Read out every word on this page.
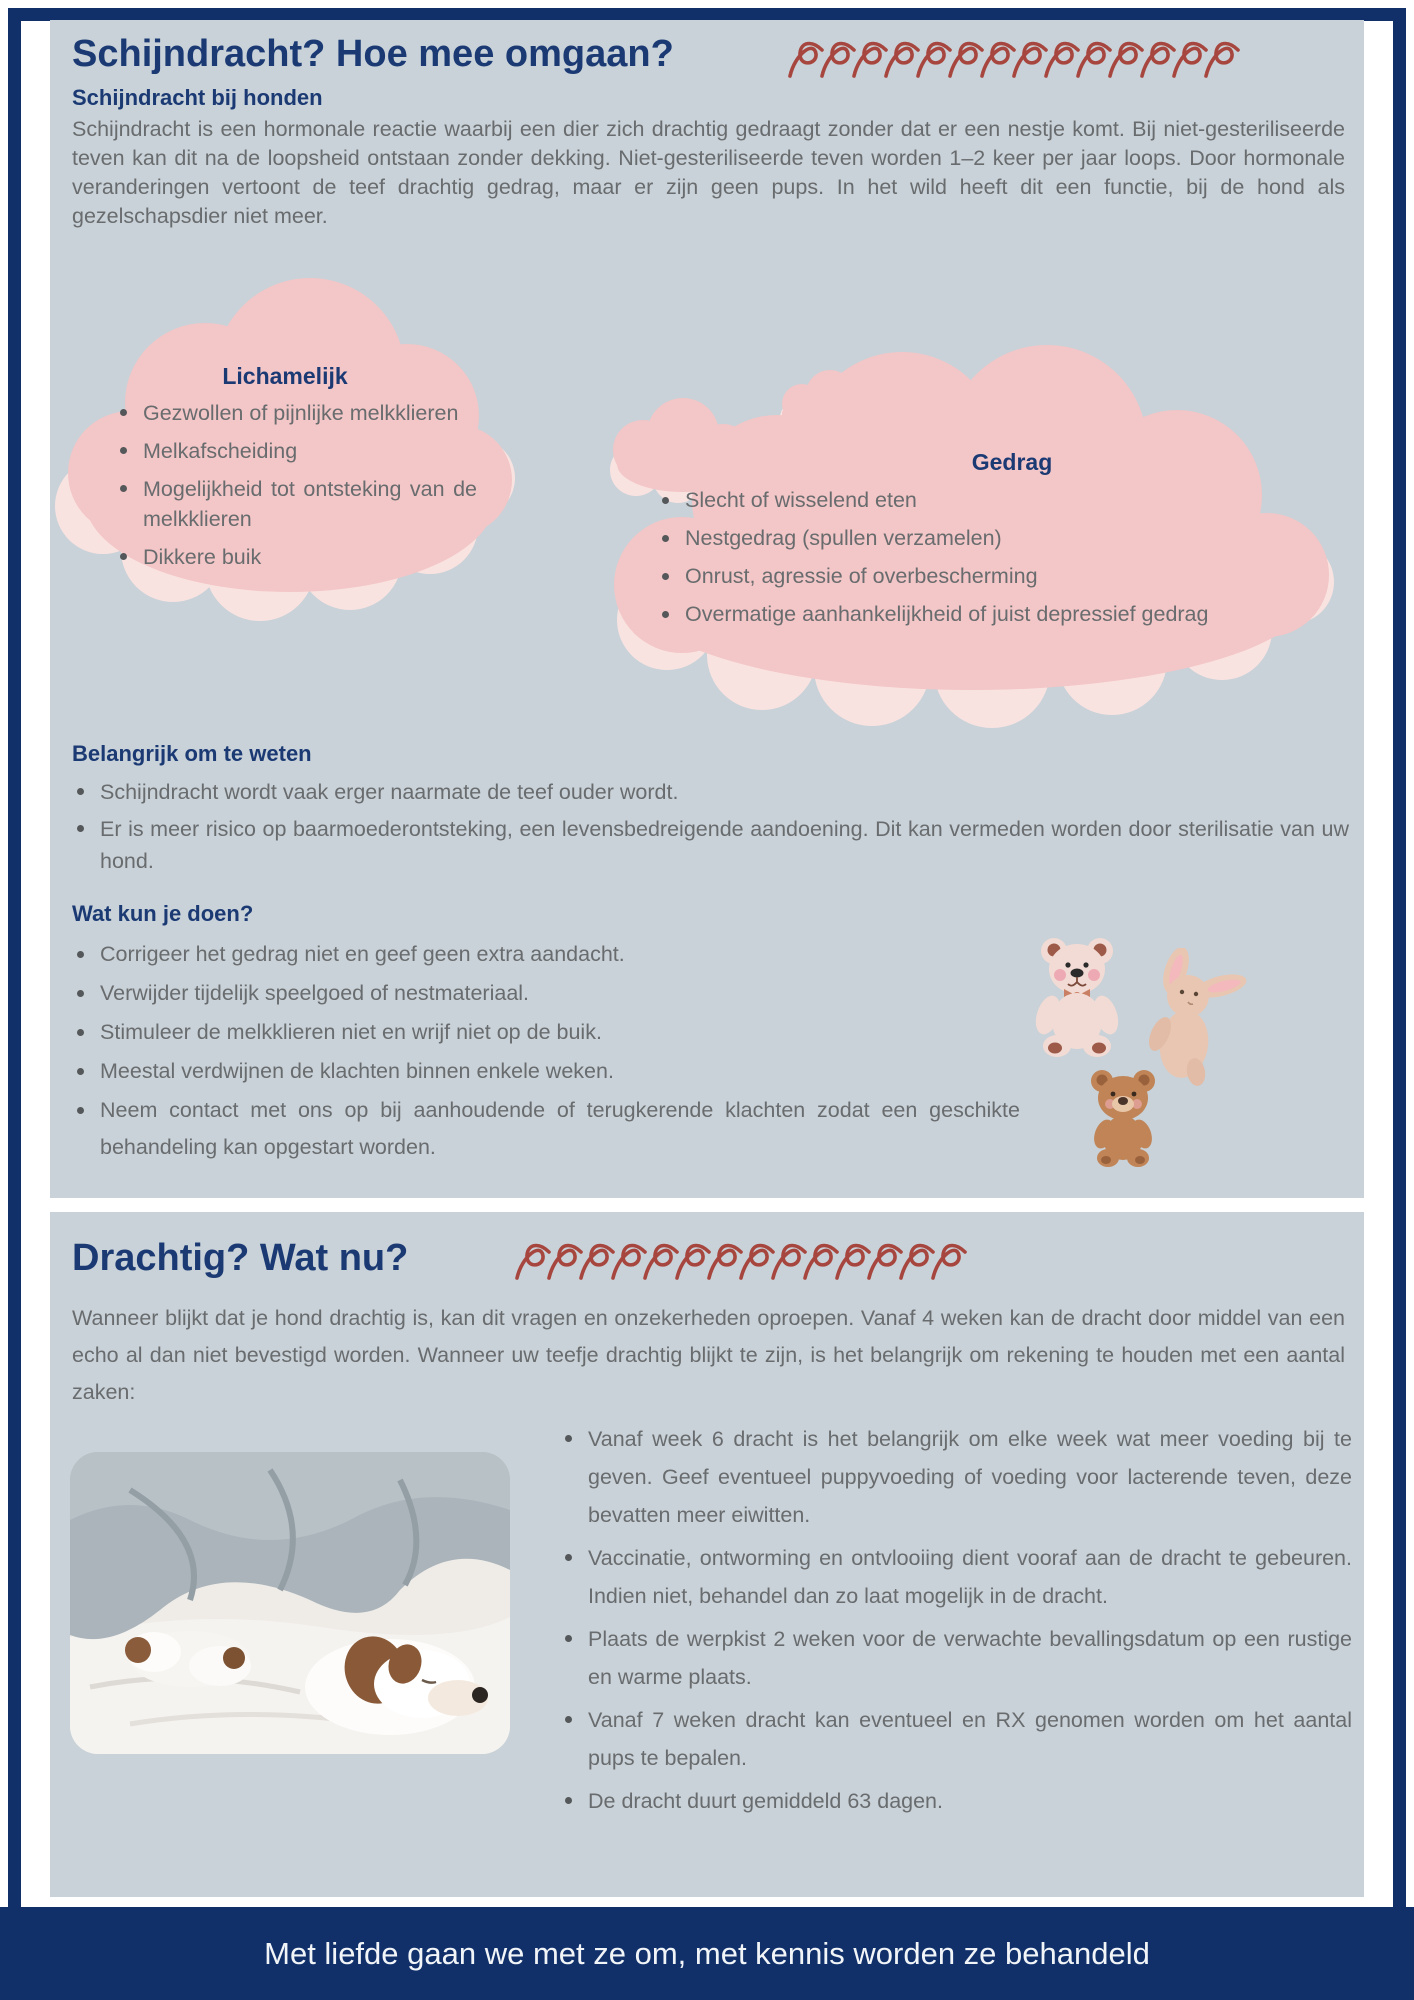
Schijndracht? Hoe mee omgaan?
Schijndracht bij honden

Schijndracht is een hormonale reactie waarbij een dier zich drachtig gedraagt zonder dat er een nestje komt. Bij niet-gesteriliseerde teven kan dit na de loopsheid ontstaan zonder dekking. Niet-gesteriliseerde teven worden 1–2 keer per jaar loops. Door hormonale veranderingen vertoont de teef drachtig gedrag, maar er zijn geen pups. In het wild heeft dit een functie, bij de hond als gezelschapsdier niet meer.

Lichamelijk
Gezwollen of pijnlijke melkklieren
Melkafscheiding
Mogelijkheid tot ontsteking van de melkklieren
Dikkere buik
Gedrag
Slecht of wisselend eten
Nestgedrag (spullen verzamelen)
Onrust, agressie of overbescherming
Overmatige aanhankelijkheid of juist depressief gedrag
Belangrijk om te weten
Schijndracht wordt vaak erger naarmate de teef ouder wordt.
Er is meer risico op baarmoederontsteking, een levensbedreigende aandoening. Dit kan vermeden worden door sterilisatie van uw hond.
Wat kun je doen?
Corrigeer het gedrag niet en geef geen extra aandacht.
Verwijder tijdelijk speelgoed of nestmateriaal.
Stimuleer de melkklieren niet en wrijf niet op de buik.
Meestal verdwijnen de klachten binnen enkele weken.
Neem contact met ons op bij aanhoudende of terugkerende klachten zodat een geschikte behandeling kan opgestart worden.
Drachtig? Wat nu?

Wanneer blijkt dat je hond drachtig is, kan dit vragen en onzekerheden oproepen. Vanaf 4 weken kan de dracht door middel van een echo al dan niet bevestigd worden. Wanneer uw teefje drachtig blijkt te zijn, is het belangrijk om rekening te houden met een aantal zaken:

Vanaf week 6 dracht is het belangrijk om elke week wat meer voeding bij te geven. Geef eventueel puppyvoeding of voeding voor lacterende teven, deze bevatten meer eiwitten.
Vaccinatie, ontworming en ontvlooiing dient vooraf aan de dracht te gebeuren. Indien niet, behandel dan zo laat mogelijk in de dracht.
Plaats de werpkist 2 weken voor de verwachte bevallingsdatum op een rustige en warme plaats.
Vanaf 7 weken dracht kan eventueel en RX genomen worden om het aantal pups te bepalen.
De dracht duurt gemiddeld 63 dagen.
Met liefde gaan we met ze om, met kennis worden ze behandeld
